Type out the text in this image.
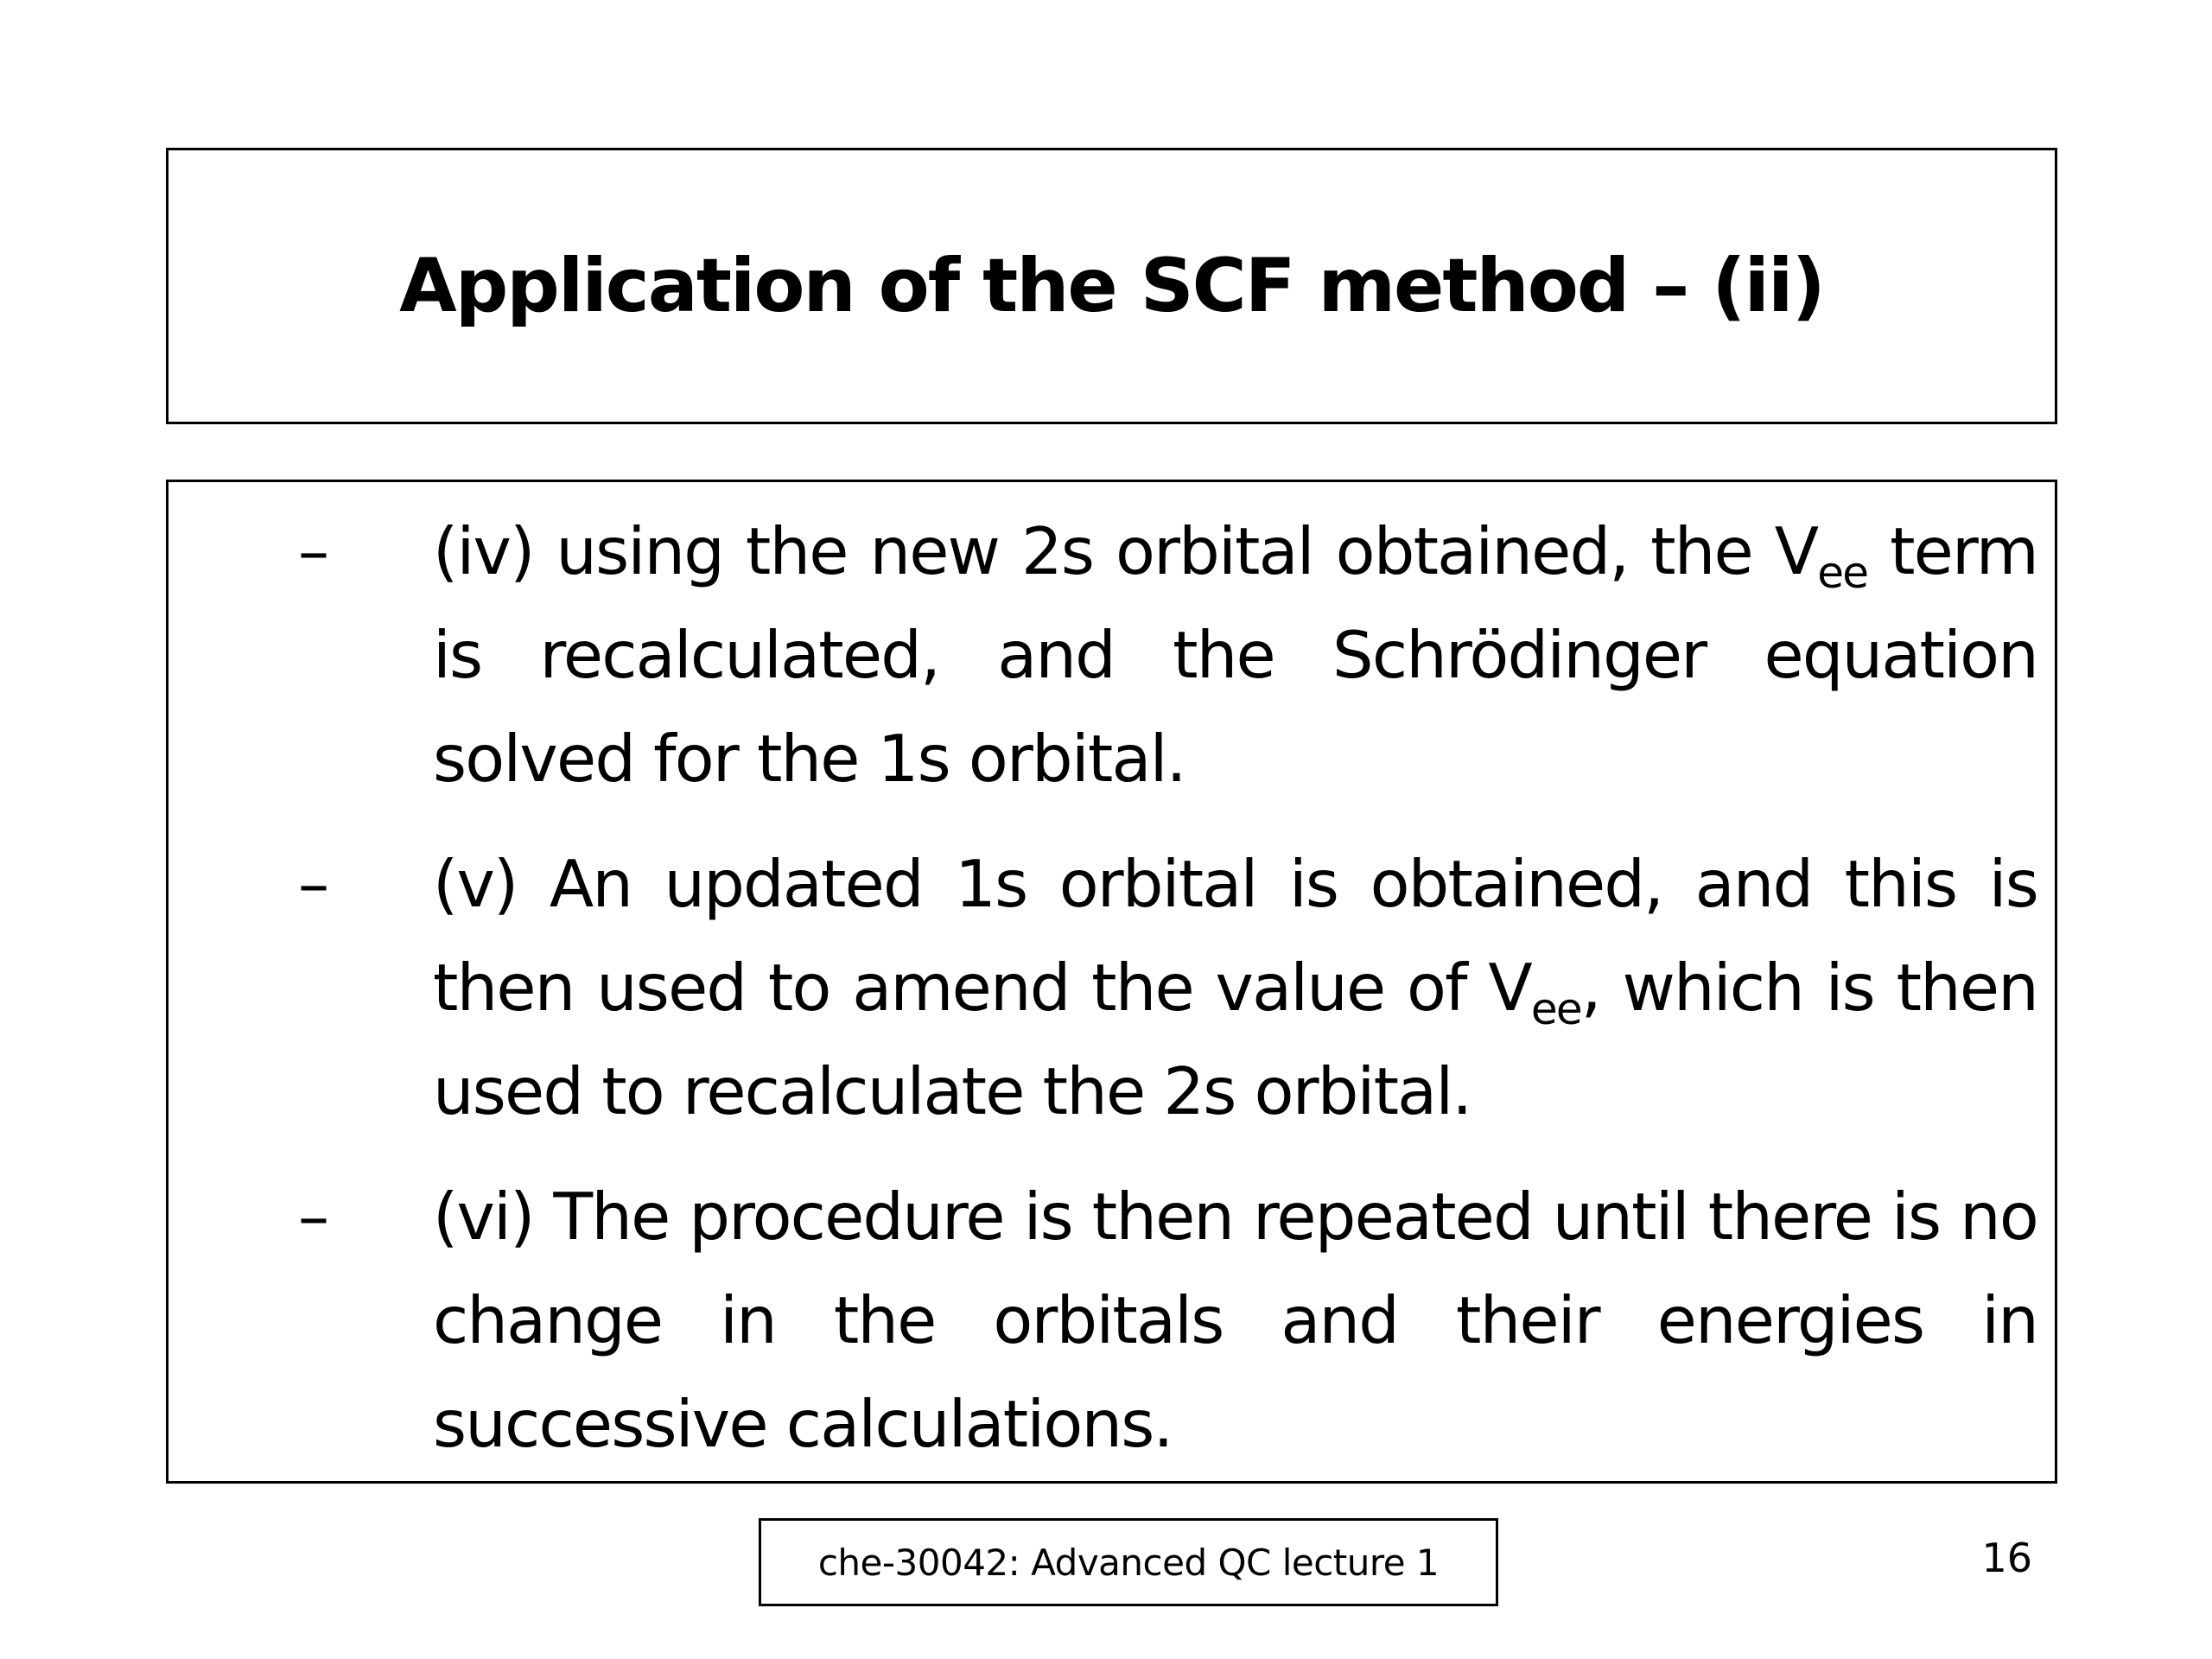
Application of the SCF method – (ii)
– (iv) using the new 2s orbital obtained, the $V_{ee}$ term is recalculated, and the Schrödinger equation solved for the 1s orbital.
– (v) An updated 1s orbital is obtained, and this is then used to amend the value of $V_{ee}$, which is then used to recalculate the 2s orbital.
– (vi) The procedure is then repeated until there is no change in the orbitals and their energies in successive calculations.
che-30042: Advanced QC lecture 1	16
